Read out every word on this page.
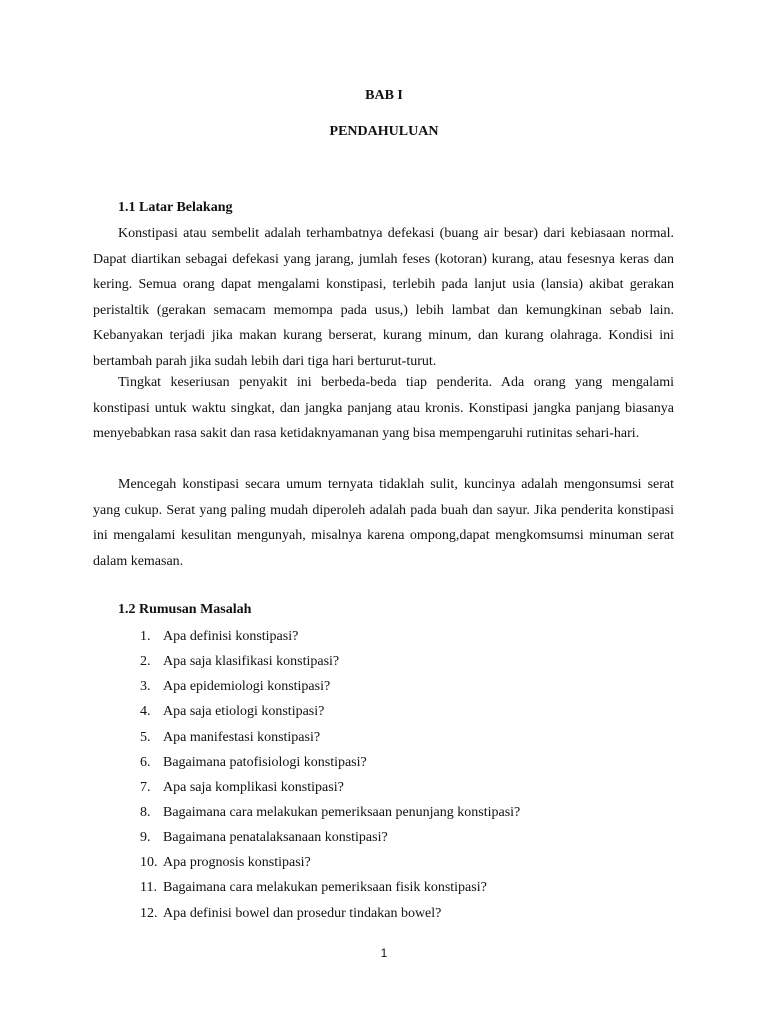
BAB I
PENDAHULUAN
1.1 Latar Belakang

Konstipasi atau sembelit adalah terhambatnya defekasi (buang air besar) dari kebiasaan normal. Dapat diartikan sebagai defekasi yang jarang, jumlah feses (kotoran) kurang, atau fesesnya keras dan kering. Semua orang dapat mengalami konstipasi, terlebih pada lanjut usia (lansia) akibat gerakan peristaltik (gerakan semacam memompa pada usus,) lebih lambat dan kemungkinan sebab lain. Kebanyakan terjadi jika makan kurang berserat, kurang minum, dan kurang olahraga. Kondisi ini bertambah parah jika sudah lebih dari tiga hari berturut-turut.

Tingkat keseriusan penyakit ini berbeda-beda tiap penderita. Ada orang yang mengalami konstipasi untuk waktu singkat, dan jangka panjang atau kronis. Konstipasi jangka panjang biasanya menyebabkan rasa sakit dan rasa ketidaknyamanan yang bisa mempengaruhi rutinitas sehari-hari.

Mencegah konstipasi secara umum ternyata tidaklah sulit, kuncinya adalah mengonsumsi serat yang cukup. Serat yang paling mudah diperoleh adalah pada buah dan sayur. Jika penderita konstipasi ini mengalami kesulitan mengunyah, misalnya karena ompong,dapat mengkomsumsi minuman serat dalam kemasan.

1.2 Rumusan Masalah
1. Apa definisi konstipasi?
2. Apa saja klasifikasi konstipasi?
3. Apa epidemiologi konstipasi?
4. Apa saja etiologi konstipasi?
5. Apa manifestasi konstipasi?
6. Bagaimana patofisiologi konstipasi?
7. Apa saja komplikasi konstipasi?
8. Bagaimana cara melakukan pemeriksaan penunjang konstipasi?
9. Bagaimana penatalaksanaan konstipasi?
10. Apa prognosis konstipasi?
11. Bagaimana cara melakukan pemeriksaan fisik konstipasi?
12. Apa definisi bowel dan prosedur tindakan bowel?
1
